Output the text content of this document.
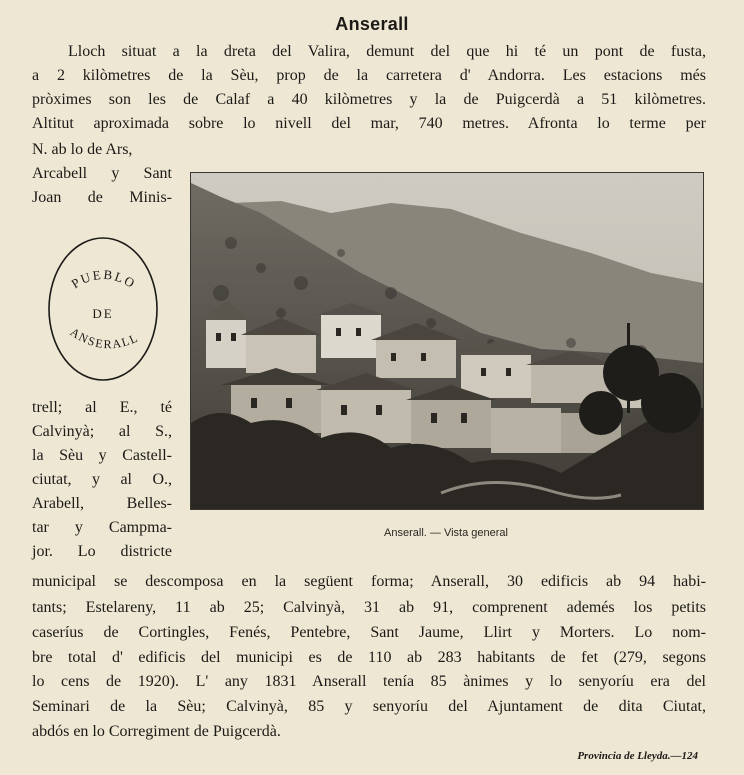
Anserall
Lloch situat a la dreta del Valira, demunt del que hi té un pont de fusta,
a 2 kilòmetres de la Sèu, prop de la carretera d' Andorra. Les estacions més
pròximes son les de Calaf a 40 kilòmetres y la de Puigcerdà a 51 kilòmetres.
Altitut aproximada sobre lo nivell del mar, 740 metres. Afronta lo terme per
N. ab lo de Ars,
Arcabell y Sant
Joan de Minis-
PUEBLO
DE
ANSERALL
Anserall. — Vista general
trell; al E., té
Calvinyà; al S.,
la Sèu y Castell-
ciutat, y al O.,
Arabell, Belles-
tar y Campma-
jor. Lo districte
municipal se descomposa en la següent forma; Anserall, 30 edificis ab 94 habi-
tants; Estelareny, 11 ab 25; Calvinyà, 31 ab 91, comprenent ademés los petits
caseríus de Cortingles, Fenés, Pentebre, Sant Jaume, Llirt y Morters. Lo nom-
bre total d' edificis del municipi es de 110 ab 283 habitants de fet (279, segons
lo cens de 1920). L' any 1831 Anserall tenía 85 ànimes y lo senyoríu era del
Seminari de la Sèu; Calvinyà, 85 y senyoríu del Ajuntament de dita Ciutat,
abdós en lo Corregiment de Puigcerdà.
Provincia de Lleyda.—124
